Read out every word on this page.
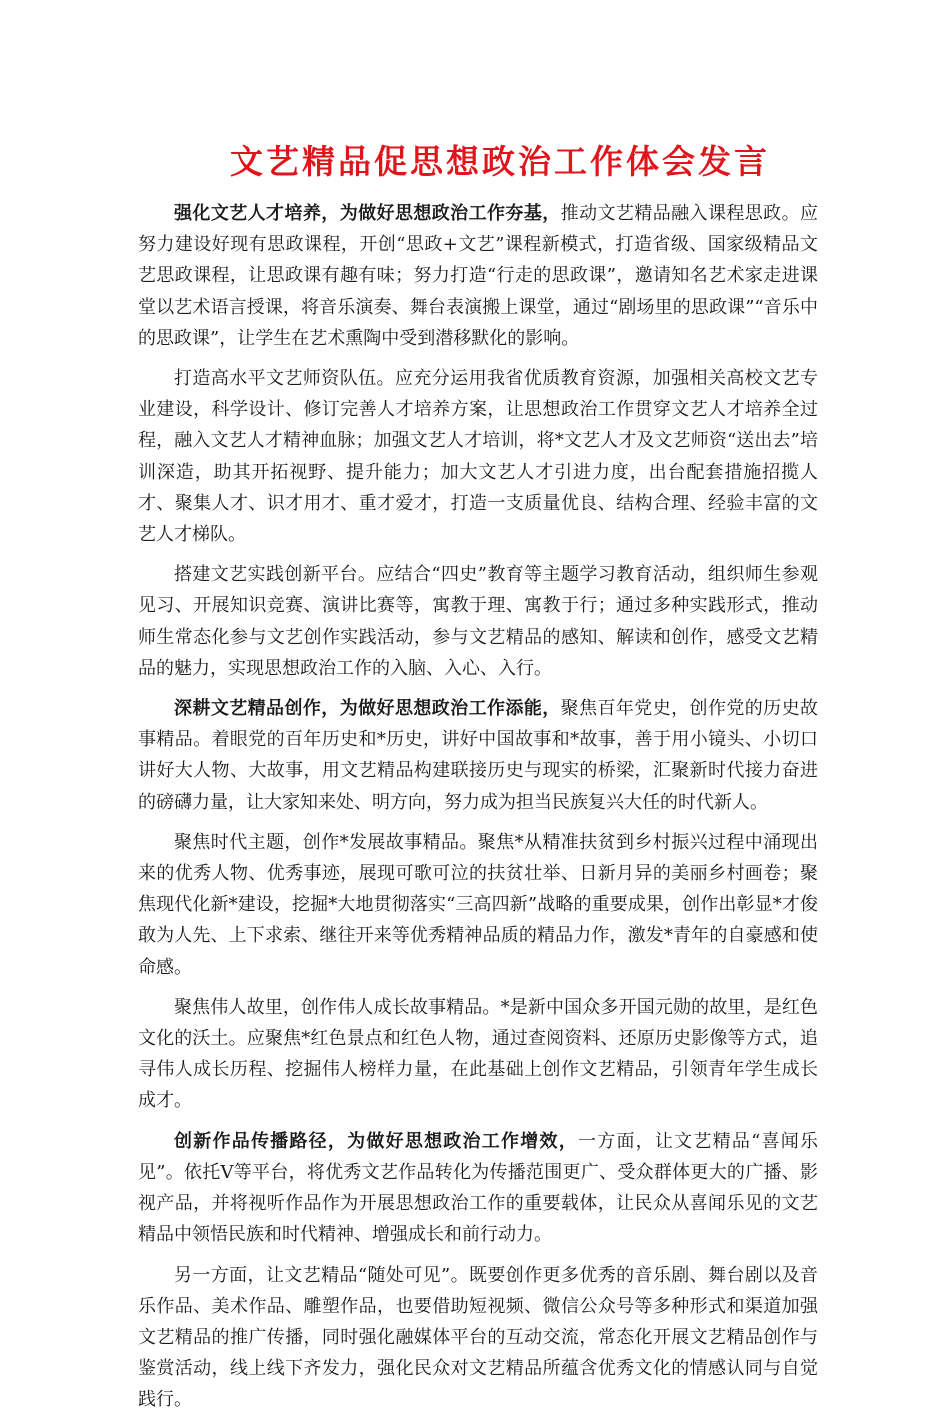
文艺精品促思想政治工作体会发言

强化文艺人才培养，为做好思想政治工作夯基，推动文艺精品融入课程思政。应努力建设好现有思政课程，开创“思政+文艺”课程新模式，打造省级、国家级精品文艺思政课程，让思政课有趣有味；努力打造“行走的思政课”，邀请知名艺术家走进课堂以艺术语言授课，将音乐演奏、舞台表演搬上课堂，通过“剧场里的思政课”“音乐中的思政课”，让学生在艺术熏陶中受到潜移默化的影响。

打造高水平文艺师资队伍。应充分运用我省优质教育资源，加强相关高校文艺专业建设，科学设计、修订完善人才培养方案，让思想政治工作贯穿文艺人才培养全过程，融入文艺人才精神血脉；加强文艺人才培训，将*文艺人才及文艺师资“送出去”培训深造，助其开拓视野、提升能力；加大文艺人才引进力度，出台配套措施招揽人才、聚集人才、识才用才、重才爱才，打造一支质量优良、结构合理、经验丰富的文艺人才梯队。

搭建文艺实践创新平台。应结合“四史”教育等主题学习教育活动，组织师生参观见习、开展知识竞赛、演讲比赛等，寓教于理、寓教于行；通过多种实践形式，推动师生常态化参与文艺创作实践活动，参与文艺精品的感知、解读和创作，感受文艺精品的魅力，实现思想政治工作的入脑、入心、入行。

深耕文艺精品创作，为做好思想政治工作添能，聚焦百年党史，创作党的历史故事精品。着眼党的百年历史和*历史，讲好中国故事和*故事，善于用小镜头、小切口讲好大人物、大故事，用文艺精品构建联接历史与现实的桥梁，汇聚新时代接力奋进的磅礴力量，让大家知来处、明方向，努力成为担当民族复兴大任的时代新人。

聚焦时代主题，创作*发展故事精品。聚焦*从精准扶贫到乡村振兴过程中涌现出来的优秀人物、优秀事迹，展现可歌可泣的扶贫壮举、日新月异的美丽乡村画卷；聚焦现代化新*建设，挖掘*大地贯彻落实“三高四新”战略的重要成果，创作出彰显*才俊敢为人先、上下求索、继往开来等优秀精神品质的精品力作，激发*青年的自豪感和使命感。

聚焦伟人故里，创作伟人成长故事精品。*是新中国众多开国元勋的故里，是红色文化的沃土。应聚焦*红色景点和红色人物，通过查阅资料、还原历史影像等方式，追寻伟人成长历程、挖掘伟人榜样力量，在此基础上创作文艺精品，引领青年学生成长成才。

创新作品传播路径，为做好思想政治工作增效，一方面，让文艺精品“喜闻乐见”。依托V等平台，将优秀文艺作品转化为传播范围更广、受众群体更大的广播、影视产品，并将视听作品作为开展思想政治工作的重要载体，让民众从喜闻乐见的文艺精品中领悟民族和时代精神、增强成长和前行动力。

另一方面，让文艺精品“随处可见”。既要创作更多优秀的音乐剧、舞台剧以及音乐作品、美术作品、雕塑作品，也要借助短视频、微信公众号等多种形式和渠道加强文艺精品的推广传播，同时强化融媒体平台的互动交流，常态化开展文艺精品创作与鉴赏活动，线上线下齐发力，强化民众对文艺精品所蕴含优秀文化的情感认同与自觉践行。
